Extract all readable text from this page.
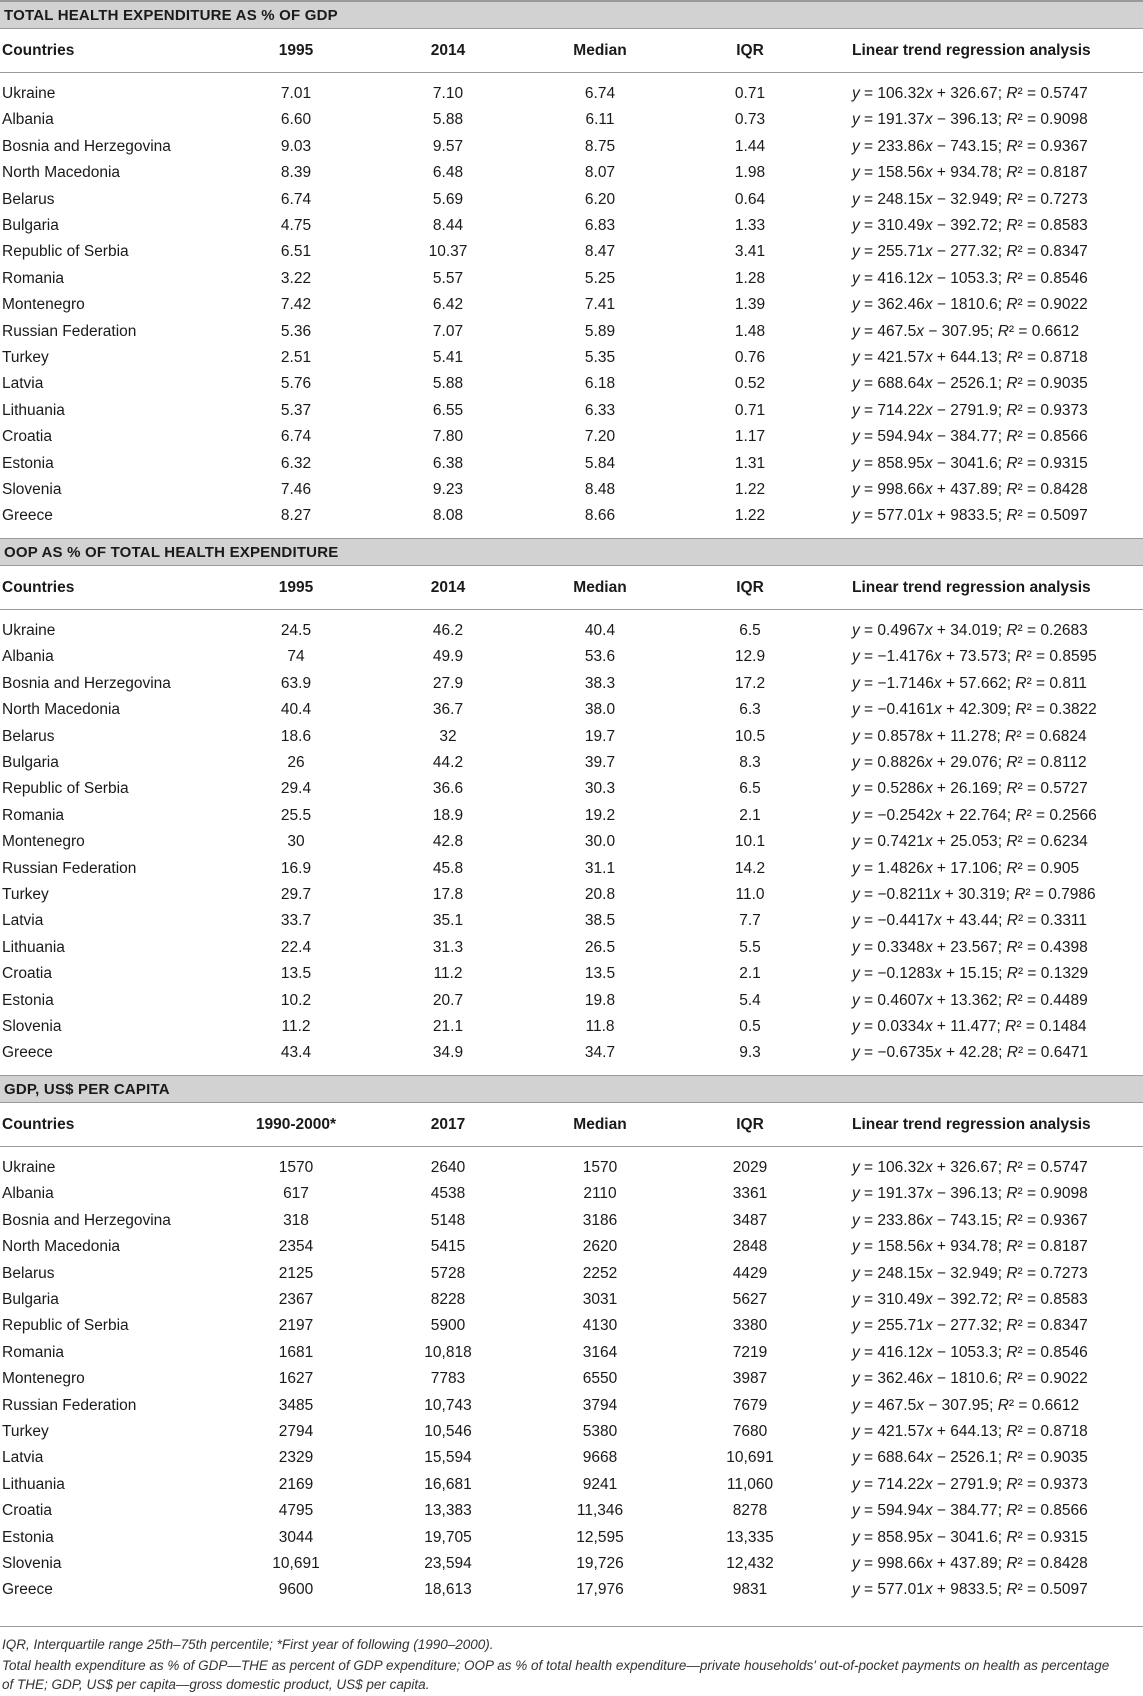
TOTAL HEALTH EXPENDITURE AS % OF GDP
Countries	1995	2014	Median	IQR	Linear trend regression analysis
Ukraine	7.01	7.10	6.74	0.71	y = 106.32x + 326.67; R² = 0.5747
Albania	6.60	5.88	6.11	0.73	y = 191.37x − 396.13; R² = 0.9098
Bosnia and Herzegovina	9.03	9.57	8.75	1.44	y = 233.86x − 743.15; R² = 0.9367
North Macedonia	8.39	6.48	8.07	1.98	y = 158.56x + 934.78; R² = 0.8187
Belarus	6.74	5.69	6.20	0.64	y = 248.15x − 32.949; R² = 0.7273
Bulgaria	4.75	8.44	6.83	1.33	y = 310.49x − 392.72; R² = 0.8583
Republic of Serbia	6.51	10.37	8.47	3.41	y = 255.71x − 277.32; R² = 0.8347
Romania	3.22	5.57	5.25	1.28	y = 416.12x − 1053.3; R² = 0.8546
Montenegro	7.42	6.42	7.41	1.39	y = 362.46x − 1810.6; R² = 0.9022
Russian Federation	5.36	7.07	5.89	1.48	y = 467.5x − 307.95; R² = 0.6612
Turkey	2.51	5.41	5.35	0.76	y = 421.57x + 644.13; R² = 0.8718
Latvia	5.76	5.88	6.18	0.52	y = 688.64x − 2526.1; R² = 0.9035
Lithuania	5.37	6.55	6.33	0.71	y = 714.22x − 2791.9; R² = 0.9373
Croatia	6.74	7.80	7.20	1.17	y = 594.94x − 384.77; R² = 0.8566
Estonia	6.32	6.38	5.84	1.31	y = 858.95x − 3041.6; R² = 0.9315
Slovenia	7.46	9.23	8.48	1.22	y = 998.66x + 437.89; R² = 0.8428
Greece	8.27	8.08	8.66	1.22	y = 577.01x + 9833.5; R² = 0.5097
OOP AS % OF TOTAL HEALTH EXPENDITURE
Countries	1995	2014	Median	IQR	Linear trend regression analysis
Ukraine	24.5	46.2	40.4	6.5	y = 0.4967x + 34.019; R² = 0.2683
Albania	74	49.9	53.6	12.9	y = −1.4176x + 73.573; R² = 0.8595
Bosnia and Herzegovina	63.9	27.9	38.3	17.2	y = −1.7146x + 57.662; R² = 0.811
North Macedonia	40.4	36.7	38.0	6.3	y = −0.4161x + 42.309; R² = 0.3822
Belarus	18.6	32	19.7	10.5	y = 0.8578x + 11.278; R² = 0.6824
Bulgaria	26	44.2	39.7	8.3	y = 0.8826x + 29.076; R² = 0.8112
Republic of Serbia	29.4	36.6	30.3	6.5	y = 0.5286x + 26.169; R² = 0.5727
Romania	25.5	18.9	19.2	2.1	y = −0.2542x + 22.764; R² = 0.2566
Montenegro	30	42.8	30.0	10.1	y = 0.7421x + 25.053; R² = 0.6234
Russian Federation	16.9	45.8	31.1	14.2	y = 1.4826x + 17.106; R² = 0.905
Turkey	29.7	17.8	20.8	11.0	y = −0.8211x + 30.319; R² = 0.7986
Latvia	33.7	35.1	38.5	7.7	y = −0.4417x + 43.44; R² = 0.3311
Lithuania	22.4	31.3	26.5	5.5	y = 0.3348x + 23.567; R² = 0.4398
Croatia	13.5	11.2	13.5	2.1	y = −0.1283x + 15.15; R² = 0.1329
Estonia	10.2	20.7	19.8	5.4	y = 0.4607x + 13.362; R² = 0.4489
Slovenia	11.2	21.1	11.8	0.5	y = 0.0334x + 11.477; R² = 0.1484
Greece	43.4	34.9	34.7	9.3	y = −0.6735x + 42.28; R² = 0.6471
GDP, US$ PER CAPITA
Countries	1990-2000*	2017	Median	IQR	Linear trend regression analysis
Ukraine	1570	2640	1570	2029	y = 106.32x + 326.67; R² = 0.5747
Albania	617	4538	2110	3361	y = 191.37x − 396.13; R² = 0.9098
Bosnia and Herzegovina	318	5148	3186	3487	y = 233.86x − 743.15; R² = 0.9367
North Macedonia	2354	5415	2620	2848	y = 158.56x + 934.78; R² = 0.8187
Belarus	2125	5728	2252	4429	y = 248.15x − 32.949; R² = 0.7273
Bulgaria	2367	8228	3031	5627	y = 310.49x − 392.72; R² = 0.8583
Republic of Serbia	2197	5900	4130	3380	y = 255.71x − 277.32; R² = 0.8347
Romania	1681	10,818	3164	7219	y = 416.12x − 1053.3; R² = 0.8546
Montenegro	1627	7783	6550	3987	y = 362.46x − 1810.6; R² = 0.9022
Russian Federation	3485	10,743	3794	7679	y = 467.5x − 307.95; R² = 0.6612
Turkey	2794	10,546	5380	7680	y = 421.57x + 644.13; R² = 0.8718
Latvia	2329	15,594	9668	10,691	y = 688.64x − 2526.1; R² = 0.9035
Lithuania	2169	16,681	9241	11,060	y = 714.22x − 2791.9; R² = 0.9373
Croatia	4795	13,383	11,346	8278	y = 594.94x − 384.77; R² = 0.8566
Estonia	3044	19,705	12,595	13,335	y = 858.95x − 3041.6; R² = 0.9315
Slovenia	10,691	23,594	19,726	12,432	y = 998.66x + 437.89; R² = 0.8428
Greece	9600	18,613	17,976	9831	y = 577.01x + 9833.5; R² = 0.5097
IQR, Interquartile range 25th–75th percentile; *First year of following (1990–2000).
Total health expenditure as % of GDP—THE as percent of GDP expenditure; OOP as % of total health expenditure—private households' out-of-pocket payments on health as percentage
of THE; GDP, US$ per capita—gross domestic product, US$ per capita.
